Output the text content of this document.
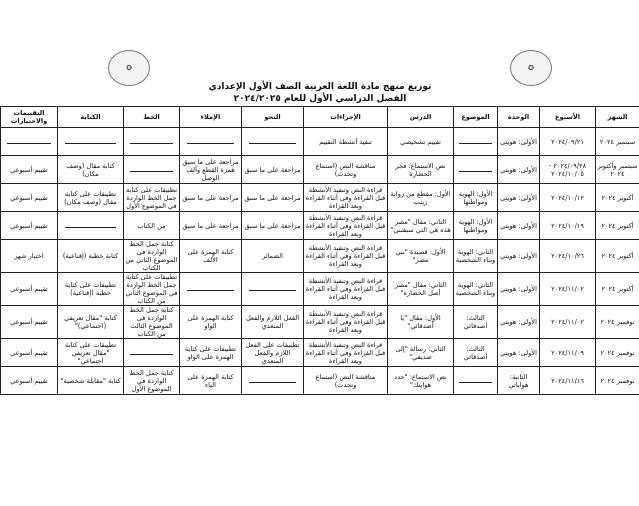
✪	✪
توزيع منهج مادة اللغة العربية الصف الأول الإعدادي
الفصل الدراسي الأول للعام ٢٠٢٤/٢٠٢٥
الشهر	الأسبوع	الوحدة	الموضوع	الدرس	الإجراءات	النحو	الإملاء	الخط	الكتابة	التقييمات والاختبارات
سبتمبر ٢٠٢٤	٢٠٢٤/٠٩/٢١	الأولى: هويتي		تقييم تشخيصي	تنفيذ أنشطة التقييم					
سبتمبر وأكتوبر ٢٠٢٤	٢٠٢٤/٠٩/٢٨ - ٢٠٢٤/١٠/٠٥	الأولى: هويتي		نص الاستماع: فجر الحضارة	مناقشة النص (استماع وتحدث)	مراجعة على ما سبق	مراجعة على ما سبق همزة القطع وألف الوصل		كتابة مقال (وصف مكان)	تقييم أسبوعي
أكتوبر ٢٠٢٤	٢٠٢٤/١٠/١٢	الأولى: هويتي	الأول: الهوية ومواطنها	الأول: مقطع من رواية زينب	قراءة النص وتنفيذ الأنشطة قبل القراءة وفي أثناء القراءة وبعد القراءة	مراجعة على ما سبق	مراجعة على ما سبق	تطبيقات على كتابة جمل الخط الواردة في الموضوع الأول	تطبيقات على كتابة مقال (وصف مكان)	تقييم أسبوعي
أكتوبر ٢٠٢٤	٢٠٢٤/١٠/١٩	الأولى: هويتي	الأول: الهوية ومواطنها	الثاني: مقال "مصر هذه هي التي سبقتني"	قراءة النص وتنفيذ الأنشطة قبل القراءة وفي أثناء القراءة وبعد القراءة	مراجعة على ما سبق	مراجعة على ما سبق	من الكتاب		تقييم أسبوعي
أكتوبر ٢٠٢٤	٢٠٢٤/١٠/٢٦	الأولى: هويتي	الثاني: الهوية وبناء الشخصية	الأول: قصيدة "بني مصر"	قراءة النص وتنفيذ الأنشطة قبل القراءة وفي أثناء القراءة وبعد القراءة	الضمائر	كتابة الهمزة على الألف	كتابة جمل الخط الواردة في الموضوع الثاني من الكتاب	كتابة خطبة (إقناعية)	اختبار شهر
أكتوبر ٢٠٢٤	٢٠٢٤/١١/٠٢	الأولى: هويتي	الثاني: الهوية وبناء الشخصية	الثاني: مقال "مصر أصل الحضارة"	قراءة النص وتنفيذ الأنشطة قبل القراءة وفي أثناء القراءة وبعد القراءة			تطبيقات على كتابة جمل الخط الواردة في الموضوع الثاني من الكتاب	تطبيقات على كتابة خطبة (إقناعية)	تقييم أسبوعي
نوفمبر ٢٠٢٤	٢٠٢٤/١١/٠٢	الأولى: هويتي	الثالث: أصدقائي	الأول: مقال "يا أصدقائي"	قراءة النص وتنفيذ الأنشطة قبل القراءة وفي أثناء القراءة وبعد القراءة	الفعل اللازم والفعل المتعدي	كتابة الهمزة على الواو	كتابة جمل الخط الواردة في الموضوع الثالث من الكتاب	كتابة "مقال تعريفي (اجتماعي)"	تقييم أسبوعي
نوفمبر ٢٠٢٤	٢٠٢٤/١١/٠٩	الأولى: هويتي	الثالث: أصدقائي	الثاني: رسالة "إلى صديقي"	قراءة النص وتنفيذ الأنشطة قبل القراءة وفي أثناء القراءة وبعد القراءة	تطبيقات على الفعل اللازم والفعل المتعدي	تطبيقات على كتابة الهمزة على الواو		تطبيقات على كتابة "مقال تعريفي اجتماعي"	تقييم أسبوعي
نوفمبر ٢٠٢٤	٢٠٢٤/١١/١٦	الثانية: هواياتي		نص الاستماع: "حدد هوايتك"	مناقشة النص (استماع وتحدث)		كتابة الهمزة على الياء	كتابة جمل الخط الواردة في الموضوع الأول	كتابة "مقابلة شخصية"	تقييم أسبوعي
